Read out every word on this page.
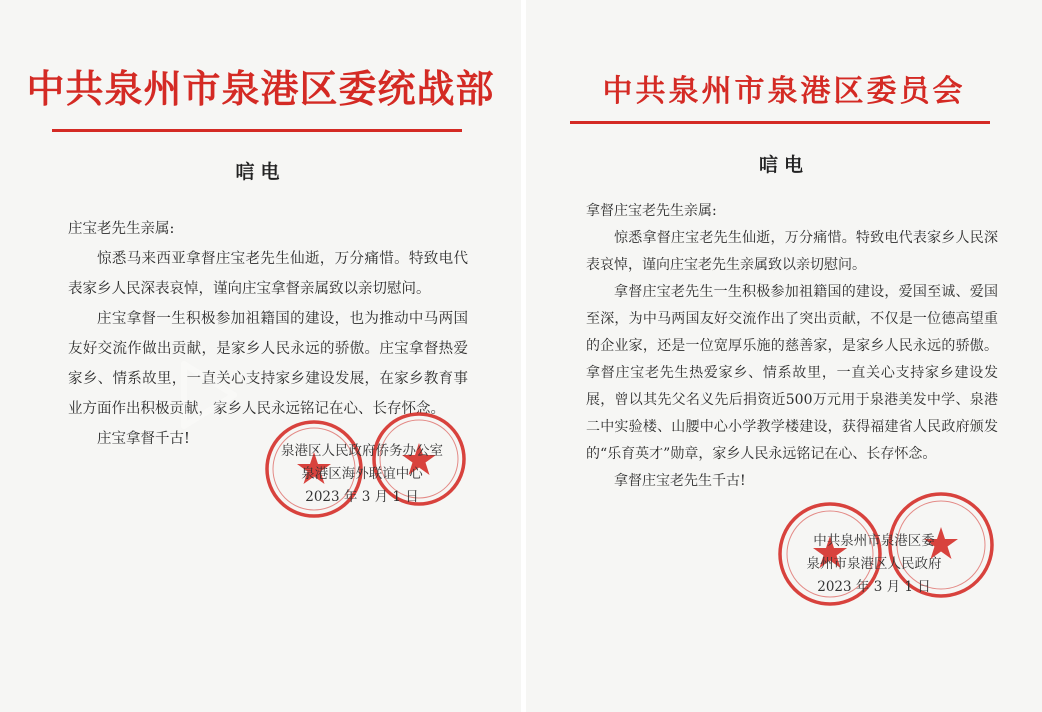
中共泉州市泉港区委统战部
唁电

庄宝老先生亲属:

惊悉马来西亚拿督庄宝老先生仙逝，万分痛惜。特致电代表家乡人民深表哀悼，谨向庄宝拿督亲属致以亲切慰问。

庄宝拿督一生积极参加祖籍国的建设，也为推动中马两国友好交流作做出贡献，是家乡人民永远的骄傲。庄宝拿督热爱家乡、情系故里，一直关心支持家乡建设发展，在家乡教育事业方面作出积极贡献，家乡人民永远铭记在心、长存怀念。

庄宝拿督千古!

泉港区人民政府侨务办公室
泉港区海外联谊中心
2023 年 3 月 1 日
中共泉州市泉港区委员会
唁电

拿督庄宝老先生亲属:

惊悉拿督庄宝老先生仙逝，万分痛惜。特致电代表家乡人民深表哀悼，谨向庄宝老先生亲属致以亲切慰问。

拿督庄宝老先生一生积极参加祖籍国的建设，爱国至诚、爱国至深，为中马两国友好交流作出了突出贡献，不仅是一位德高望重的企业家，还是一位宽厚乐施的慈善家，是家乡人民永远的骄傲。拿督庄宝老先生热爱家乡、情系故里，一直关心支持家乡建设发展，曾以其先父名义先后捐资近500万元用于泉港美发中学、泉港二中实验楼、山腰中心小学教学楼建设，获得福建省人民政府颁发的“乐育英才”勋章，家乡人民永远铭记在心、长存怀念。

拿督庄宝老先生千古!

中共泉州市泉港区委
泉州市泉港区人民政府
2023 年 3 月 1 日
